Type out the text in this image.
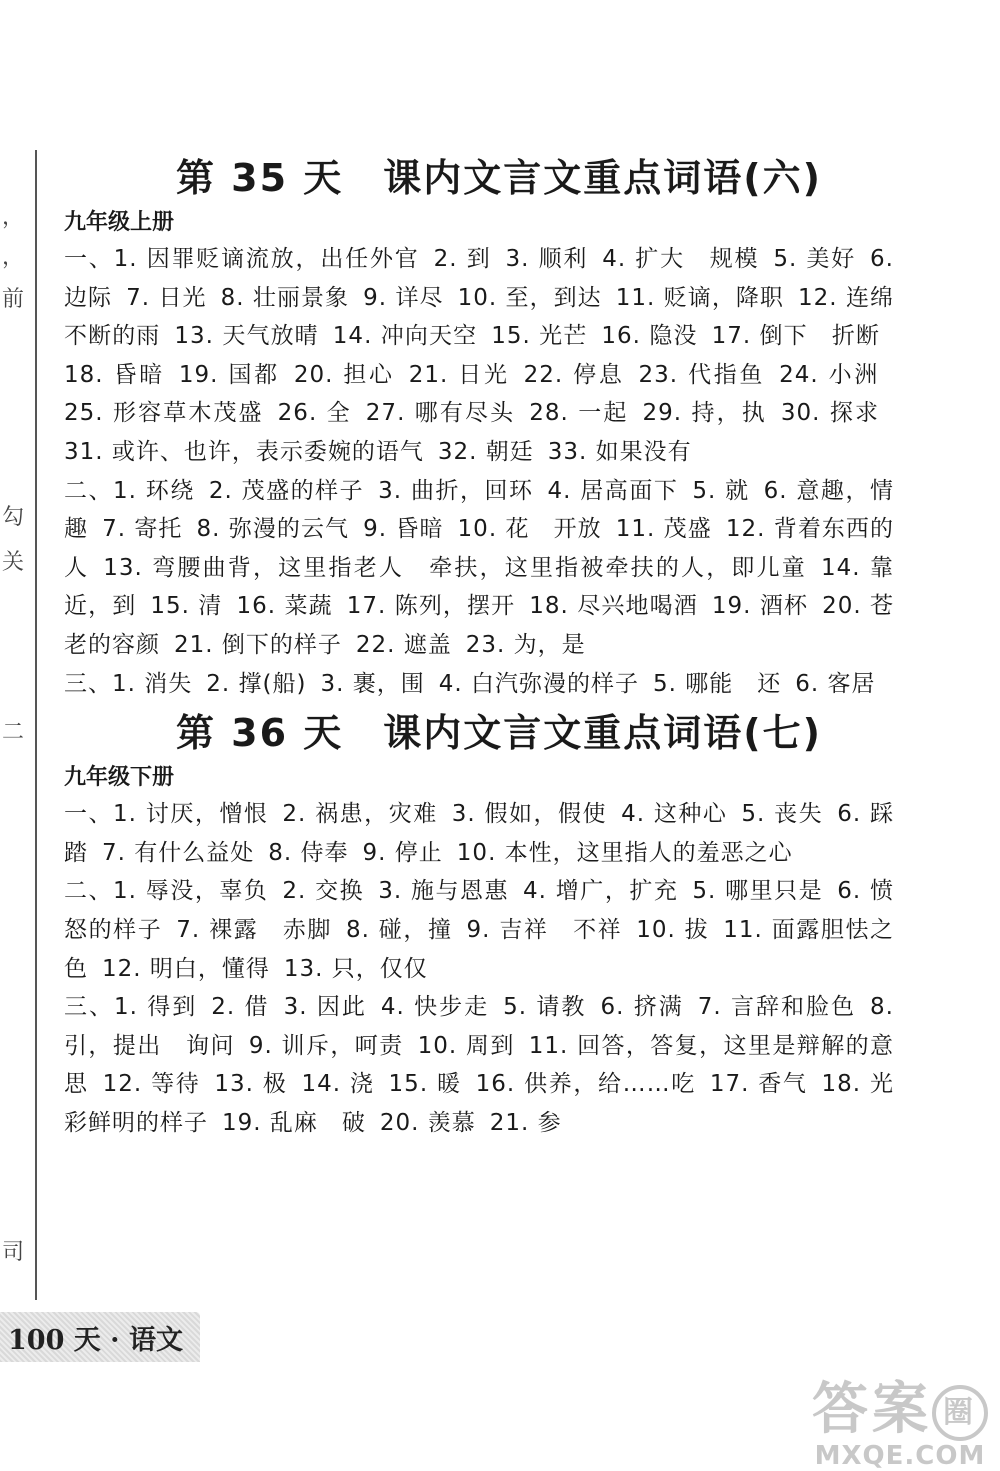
，
，
前
勾
关
二
司
第 35 天 课内文言文重点词语(六)
九年级上册
一、1. 因罪贬谪流放，出任外官 2. 到 3. 顺利 4. 扩大　规模 5. 美好 6. 边际 7. 日光 8. 壮丽景象 9. 详尽 10. 至，到达 11. 贬谪，降职 12. 连绵不断的雨 13. 天气放晴 14. 冲向天空 15. 光芒 16. 隐没 17. 倒下　折断18. 昏暗 19. 国都 20. 担心 21. 日光 22. 停息 23. 代指鱼 24. 小洲25. 形容草木茂盛 26. 全 27. 哪有尽头 28. 一起 29. 持，执 30. 探求31. 或许、也许，表示委婉的语气 32. 朝廷 33. 如果没有
二、1. 环绕 2. 茂盛的样子 3. 曲折，回环 4. 居高面下 5. 就 6. 意趣，情趣 7. 寄托 8. 弥漫的云气 9. 昏暗 10. 花　开放 11. 茂盛 12. 背着东西的人 13. 弯腰曲背，这里指老人　牵扶，这里指被牵扶的人，即儿童 14. 靠近，到 15. 清 16. 菜蔬 17. 陈列，摆开 18. 尽兴地喝酒 19. 酒杯 20. 苍老的容颜 21. 倒下的样子 22. 遮盖 23. 为，是
三、1. 消失 2. 撑(船) 3. 裹，围 4. 白汽弥漫的样子 5. 哪能　还 6. 客居
第 36 天 课内文言文重点词语(七)
九年级下册
一、1. 讨厌，憎恨 2. 祸患，灾难 3. 假如，假使 4. 这种心 5. 丧失 6. 踩踏 7. 有什么益处 8. 侍奉 9. 停止 10. 本性，这里指人的羞恶之心
二、1. 辱没，辜负 2. 交换 3. 施与恩惠 4. 增广，扩充 5. 哪里只是 6. 愤怒的样子 7. 裸露　赤脚 8. 碰，撞 9. 吉祥　不祥 10. 拔 11. 面露胆怯之色 12. 明白，懂得 13. 只，仅仅
三、1. 得到 2. 借 3. 因此 4. 快步走 5. 请教 6. 挤满 7. 言辞和脸色 8. 引，提出　询问 9. 训斥，呵责 10. 周到 11. 回答，答复，这里是辩解的意思 12. 等待 13. 极 14. 浇 15. 暖 16. 供养，给……吃 17. 香气 18. 光彩鲜明的样子 19. 乱麻　破 20. 羡慕 21. 参
100 天 · 语文
答案 圈
MXQE.COM
